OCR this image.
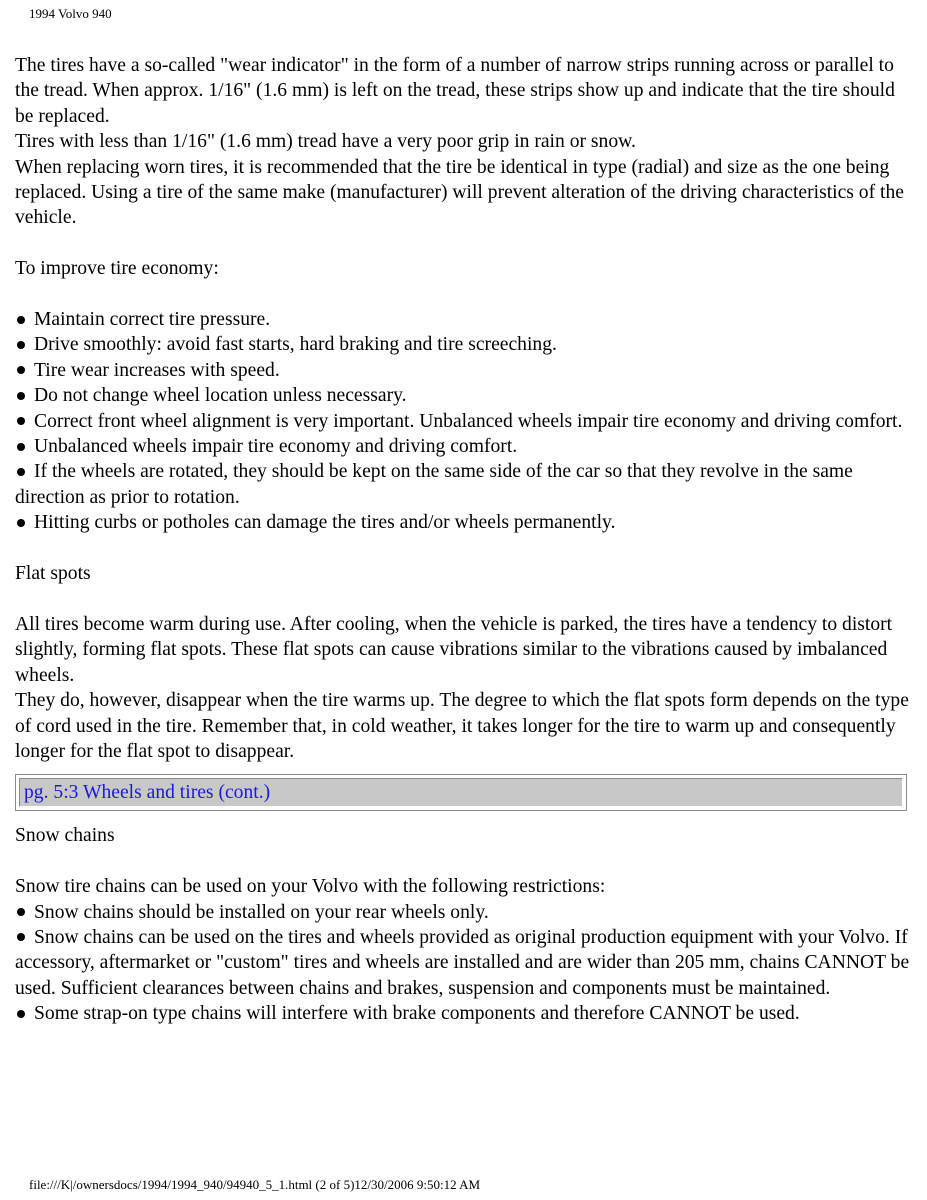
1994 Volvo 940

The tires have a so-called "wear indicator" in the form of a number of narrow strips running across or parallel to the tread. When approx. 1/16" (1.6 mm) is left on the tread, these strips show up and indicate that the tire should be replaced.

Tires with less than 1/16" (1.6 mm) tread have a very poor grip in rain or snow.

When replacing worn tires, it is recommended that the tire be identical in type (radial) and size as the one being replaced. Using a tire of the same make (manufacturer) will prevent alteration of the driving characteristics of the vehicle.

To improve tire economy:

Maintain correct tire pressure.

Drive smoothly: avoid fast starts, hard braking and tire screeching.

Tire wear increases with speed.

Do not change wheel location unless necessary.

Correct front wheel alignment is very important. Unbalanced wheels impair tire economy and driving comfort.

Unbalanced wheels impair tire economy and driving comfort.

If the wheels are rotated, they should be kept on the same side of the car so that they revolve in the same direction as prior to rotation.

Hitting curbs or potholes can damage the tires and/or wheels permanently.

Flat spots

All tires become warm during use. After cooling, when the vehicle is parked, the tires have a tendency to distort slightly, forming flat spots. These flat spots can cause vibrations similar to the vibrations caused by imbalanced wheels.

They do, however, disappear when the tire warms up. The degree to which the flat spots form depends on the type of cord used in the tire. Remember that, in cold weather, it takes longer for the tire to warm up and consequently longer for the flat spot to disappear.

pg. 5:3 Wheels and tires (cont.)

Snow chains

Snow tire chains can be used on your Volvo with the following restrictions:

Snow chains should be installed on your rear wheels only.

Snow chains can be used on the tires and wheels provided as original production equipment with your Volvo. If accessory, aftermarket or "custom" tires and wheels are installed and are wider than 205 mm, chains CANNOT be used. Sufficient clearances between chains and brakes, suspension and components must be maintained.

Some strap-on type chains will interfere with brake components and therefore CANNOT be used.

file:///K|/ownersdocs/1994/1994_940/94940_5_1.html (2 of 5)12/30/2006 9:50:12 AM
